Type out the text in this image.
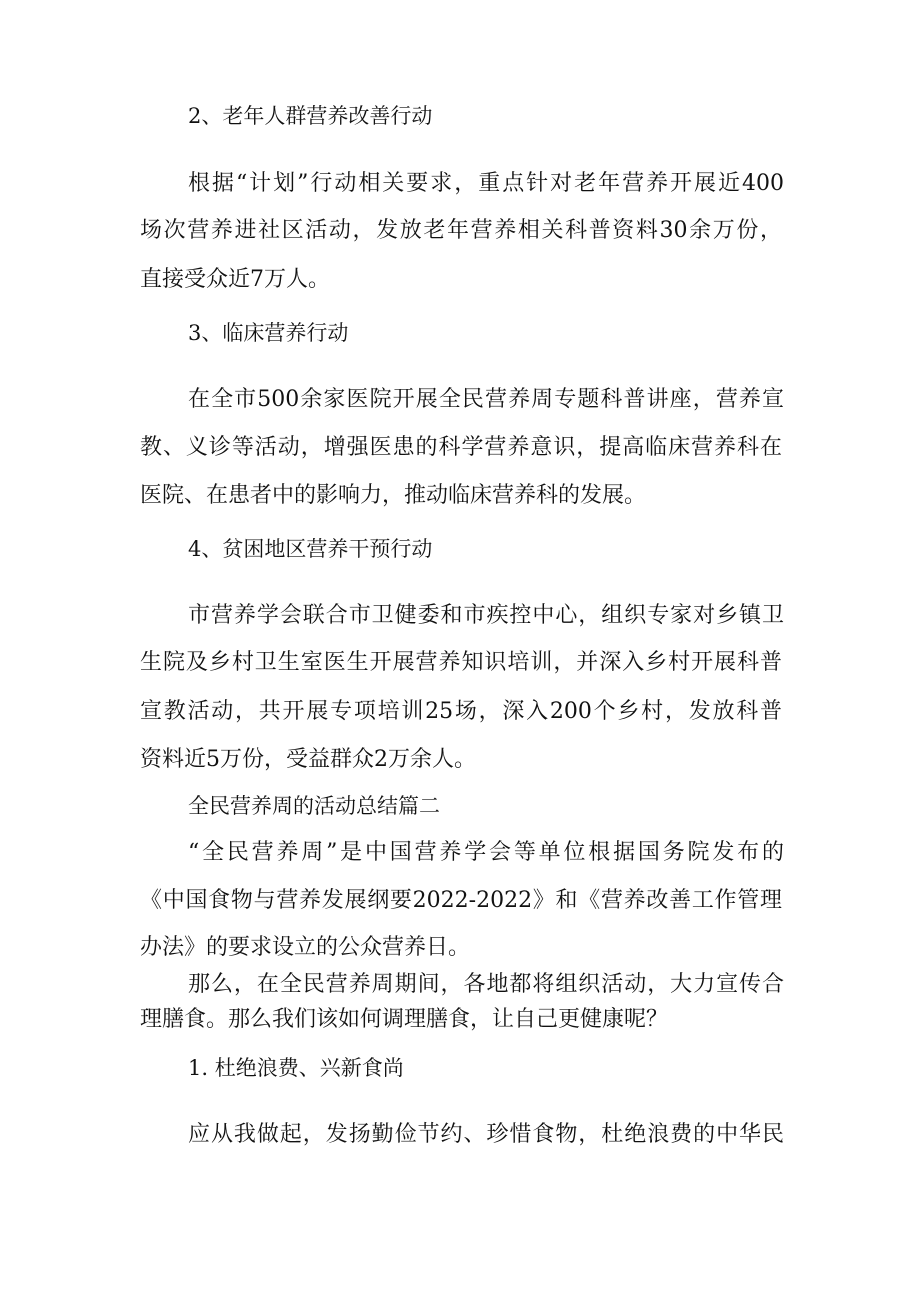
2、老年人群营养改善行动

根据“计划”行动相关要求，重点针对老年营养开展近400

场次营养进社区活动，发放老年营养相关科普资料30余万份，

直接受众近7万人。

3、临床营养行动

在全市500余家医院开展全民营养周专题科普讲座，营养宣

教、义诊等活动，增强医患的科学营养意识，提高临床营养科在

医院、在患者中的影响力，推动临床营养科的发展。

4、贫困地区营养干预行动

市营养学会联合市卫健委和市疾控中心，组织专家对乡镇卫

生院及乡村卫生室医生开展营养知识培训，并深入乡村开展科普

宣教活动，共开展专项培训25场，深入200个乡村，发放科普

资料近5万份，受益群众2万余人。

全民营养周的活动总结篇二

“全民营养周”是中国营养学会等单位根据国务院发布的

《中国食物与营养发展纲要2022-2022》和《营养改善工作管理

办法》的要求设立的公众营养日。

那么，在全民营养周期间，各地都将组织活动，大力宣传合

理膳食。那么我们该如何调理膳食，让自己更健康呢？

1. 杜绝浪费、兴新食尚

应从我做起，发扬勤俭节约、珍惜食物，杜绝浪费的中华民
